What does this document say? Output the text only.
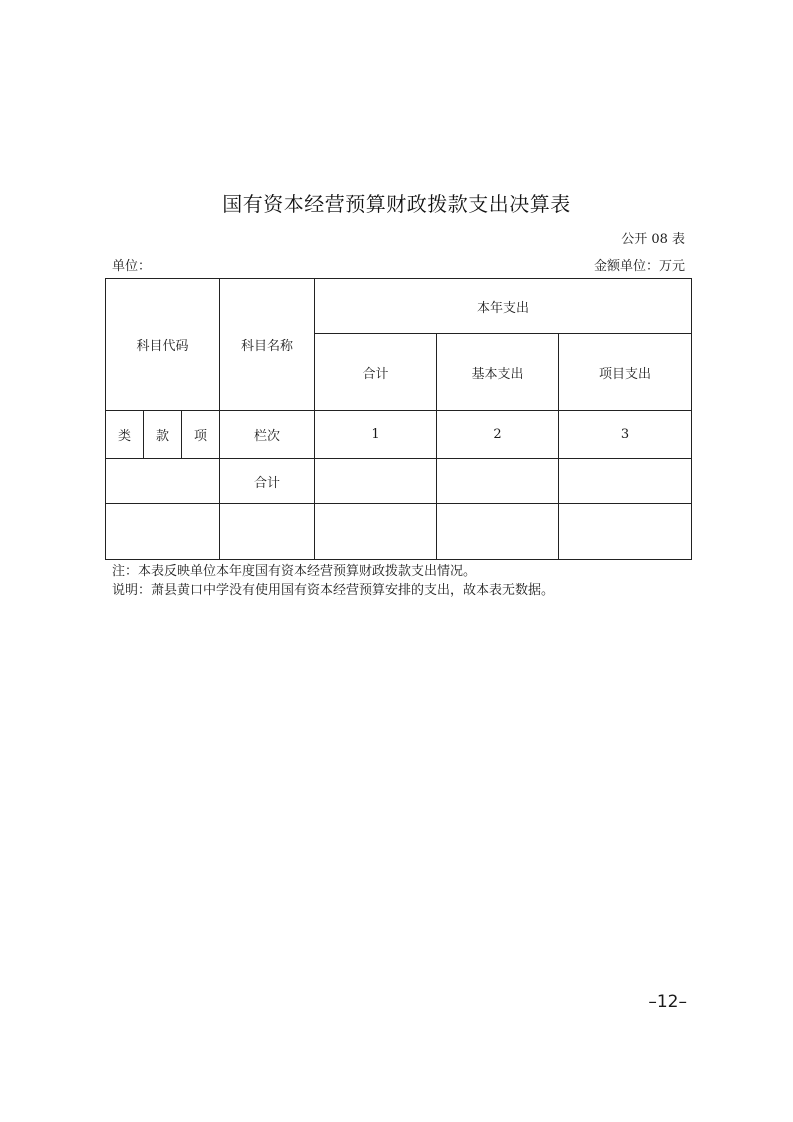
国有资本经营预算财政拨款支出决算表
公开 08 表
单位：	金额单位：万元
科目代码			科目名称	本年支出		
				合计	基本支出	项目支出
类	款	项	栏次	1	2	3
			合计			

注：本表反映单位本年度国有资本经营预算财政拨款支出情况。
说明：萧县黄口中学没有使用国有资本经营预算安排的支出，故本表无数据。
–12–
